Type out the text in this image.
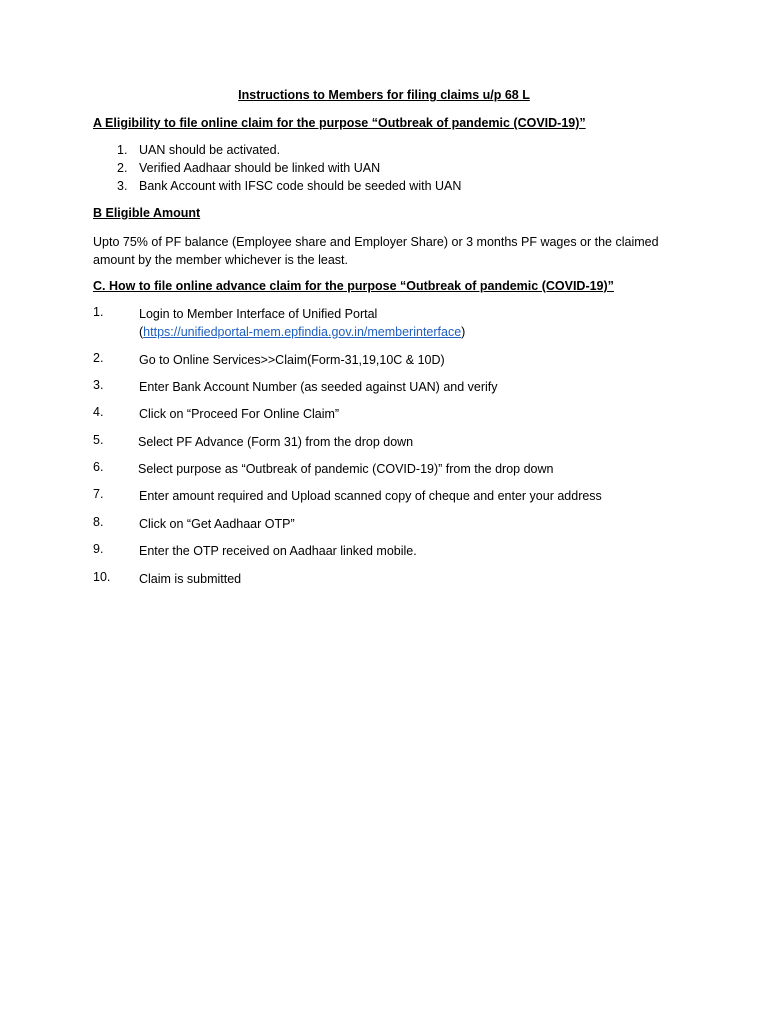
Instructions to Members for filing claims u/p 68 L
A Eligibility to file online claim for the purpose “Outbreak of pandemic (COVID-19)”
1. UAN should be activated.
2. Verified Aadhaar should be linked with UAN
3. Bank Account with IFSC code should be seeded with UAN
B Eligible Amount
Upto 75% of PF balance (Employee share and Employer Share) or 3 months PF wages or the claimed amount by the member whichever is the least.
C. How to file online advance claim for the purpose “Outbreak of pandemic (COVID-19)”
1.	Login to Member Interface of Unified Portal
(https://unifiedportal-mem.epfindia.gov.in/memberinterface)
2.	Go to Online Services>>Claim(Form-31,19,10C & 10D)
3.	Enter Bank Account Number (as seeded against UAN) and verify
4.	Click on “Proceed For Online Claim”
5.	Select PF Advance (Form 31) from the drop down
6.	Select purpose as “Outbreak of pandemic (COVID-19)” from the drop down
7.	Enter amount required and Upload scanned copy of cheque and enter your address
8.	Click on “Get Aadhaar OTP”
9.	Enter the OTP received on Aadhaar linked mobile.
10.	Claim is submitted
